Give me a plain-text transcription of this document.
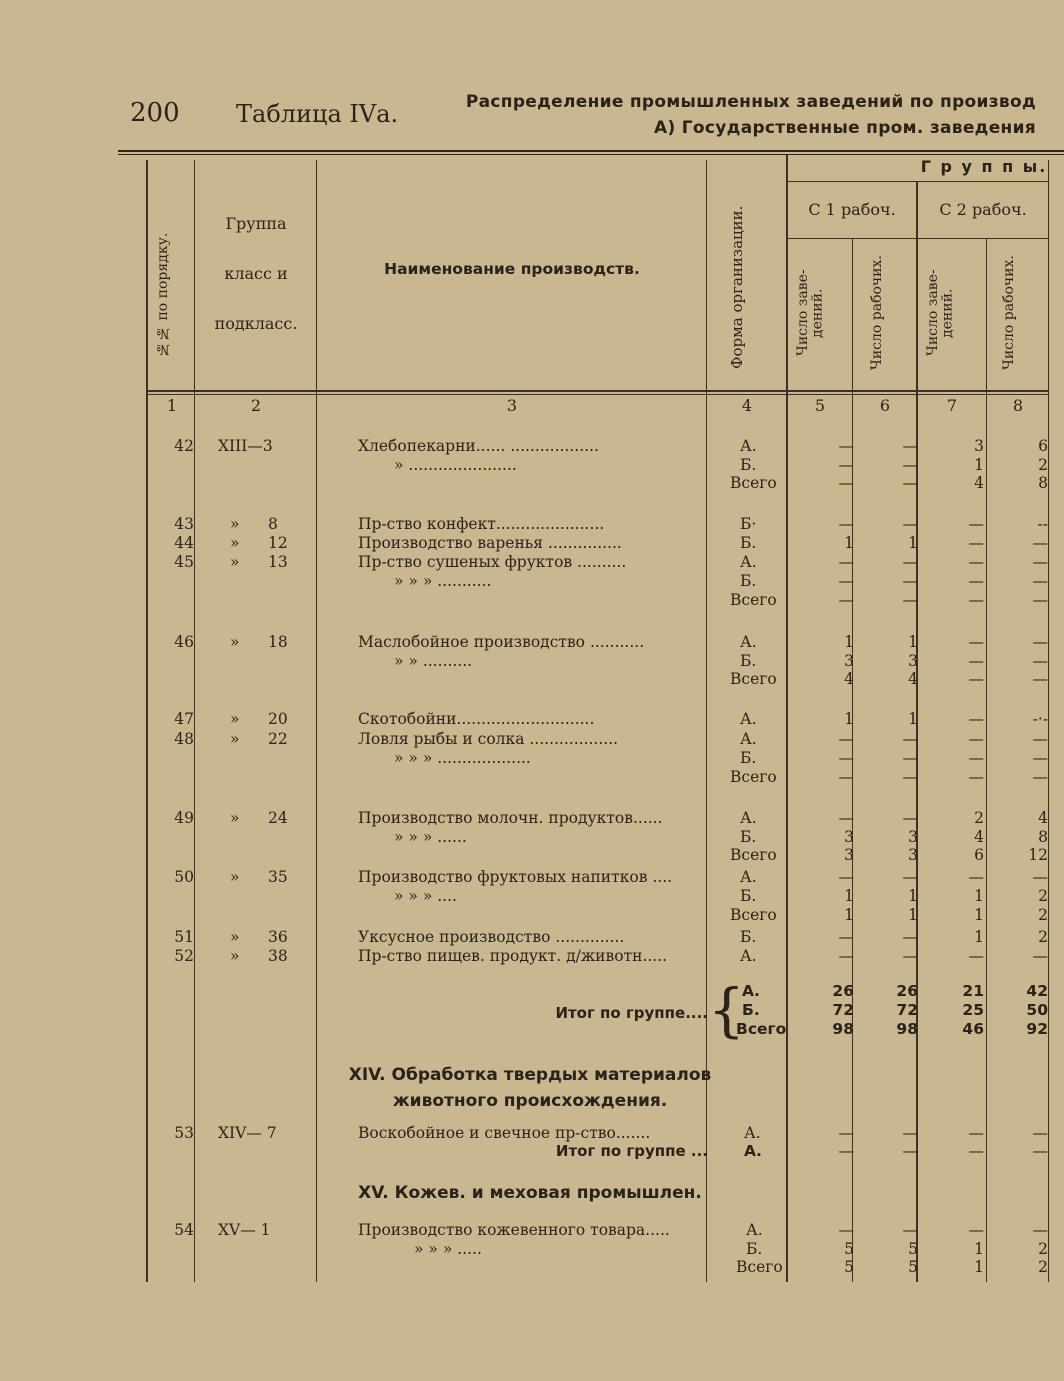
200 Таблица IVа.	Распределение промышленных заведений по производ
А) Государственные пром. заведения
№№ по порядку.
Группа
класс и
подкласс.
Наименование производств.	Форма организации.
Г р у п п ы.
С 1 рабоч.	С 2 рабоч.
Число заве-
дений.	Число рабочих.	Число заве-
дений.	Число рабочих.
1	2	3	4	5	6	7	8
42 XIII—3	Хлебопекарни...... ..................	А.	—	—	3	6
» ......................	Б.	—	—	1	2
Всего	—	—	4	8
43 » 8	Пр-ство конфект......................	Б·	—	—	—	--
44 » 12	Производство варенья ...............	Б.	1	1	—	—
45 » 13	Пр-ство сушеных фруктов ..........	А.	—	—	—	—
» » » ...........	Б.	—	—	—	—
Всего	—	—	—	—
46 » 18	Маслобойное производство ...........	А.	1	1	—	—
» » ..........	Б.	3	3	—	—
Всего	4	4	—	—
47 » 20	Скотобойни............................	А.	1	1	—	-·-
48 » 22	Ловля рыбы и солка ..................	А.	—	—	—	—
» » » ...................	Б.	—	—	—	—
Всего	—	—	—	—
49 » 24	Производство молочн. продуктов......	А.	—	—	2	4
» » » ......	Б.	3	3	4	8
Всего	3	3	6	12
50 » 35	Производство фруктовых напитков ....	А.	—	—	—	—
» » » ....	Б.	1	1	1	2
Всего	1	1	1	2
51 » 36	Уксусное производство ..............	Б.	—	—	1	2
52 » 38	Пр-ство пищев. продукт. д/животн.....	А.	—	—	—	—
Итог по группе.... {
А.	26	26	21	42
Б.	72	72	25	50
Всего	98	98	46	92
XIV. Обработка твердых материалов
животного происхождения.
53 XIV— 7	Воскобойное и свечное пр-ство.......	А.	—	—	—	—
Итог по группе ... А.	—	—	—	—
XV. Кожев. и меховая промышлен.
54 XV— 1	Производство кожевенного товара.....	А.	—	—	—	—
» » » .....	Б.	5	5	1	2
Всего	5	5	1	2
